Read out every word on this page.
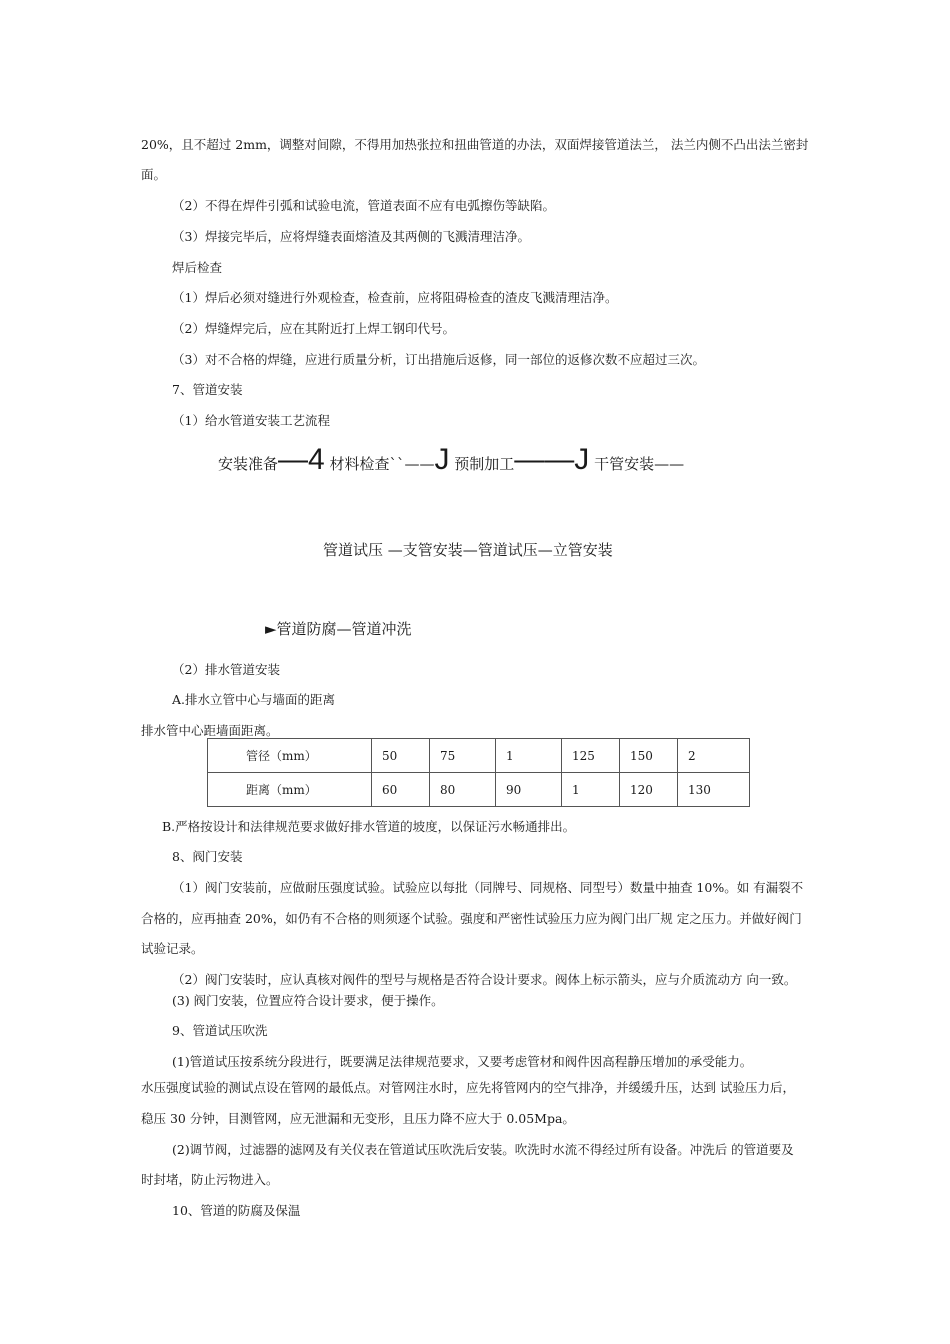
20%，且不超过 2mm，调整对间隙，不得用加热张拉和扭曲管道的办法，双面焊接管道法兰， 法兰内侧不凸出法兰密封
面。
（2）不得在焊件引弧和试验电流，管道表面不应有电弧擦伤等缺陷。
（3）焊接完毕后，应将焊缝表面熔渣及其两侧的飞溅清理洁净。
焊后检查
（1）焊后必须对缝进行外观检查，检查前，应将阻碍检查的渣皮飞溅清理洁净。
（2）焊缝焊完后，应在其附近打上焊工钢印代号。
（3）对不合格的焊缝，应进行质量分析，订出措施后返修，同一部位的返修次数不应超过三次。
7、管道安装
（1）给水管道安装工艺流程
安装准备—4 材料检查``——J 预制加工——J 干管安装——
管道试压 —支管安装—管道试压—立管安装
►管道防腐—管道冲洗
（2）排水管道安装
A.排水立管中心与墙面的距离
排水管中心距墙面距离。
管径（mm）	50	75	1	125	150	2
距离（mm）	60	80	90	1	120	130
B.严格按设计和法律规范要求做好排水管道的坡度，以保证污水畅通排出。
8、阀门安装
（1）阀门安装前，应做耐压强度试验。试验应以每批（同牌号、同规格、同型号）数量中抽查 10%。如 有漏裂不
合格的，应再抽查 20%，如仍有不合格的则须逐个试验。强度和严密性试验压力应为阀门出厂规 定之压力。并做好阀门
试验记录。
（2）阀门安装时，应认真核对阀件的型号与规格是否符合设计要求。阀体上标示箭头，应与介质流动方 向一致。
(3) 阀门安装，位置应符合设计要求，便于操作。
9、管道试压吹洗
(1)管道试压按系统分段进行，既要满足法律规范要求，又要考虑管材和阀件因高程静压增加的承受能力。
水压强度试验的测试点设在管网的最低点。对管网注水时，应先将管网内的空气排净，并缓缓升压，达到 试验压力后，
稳压 30 分钟，目测管网，应无泄漏和无变形，且压力降不应大于 0.05Mpa。
(2)调节阀，过滤器的滤网及有关仪表在管道试压吹洗后安装。吹洗时水流不得经过所有设备。冲洗后 的管道要及
时封堵，防止污物进入。
10、管道的防腐及保温
